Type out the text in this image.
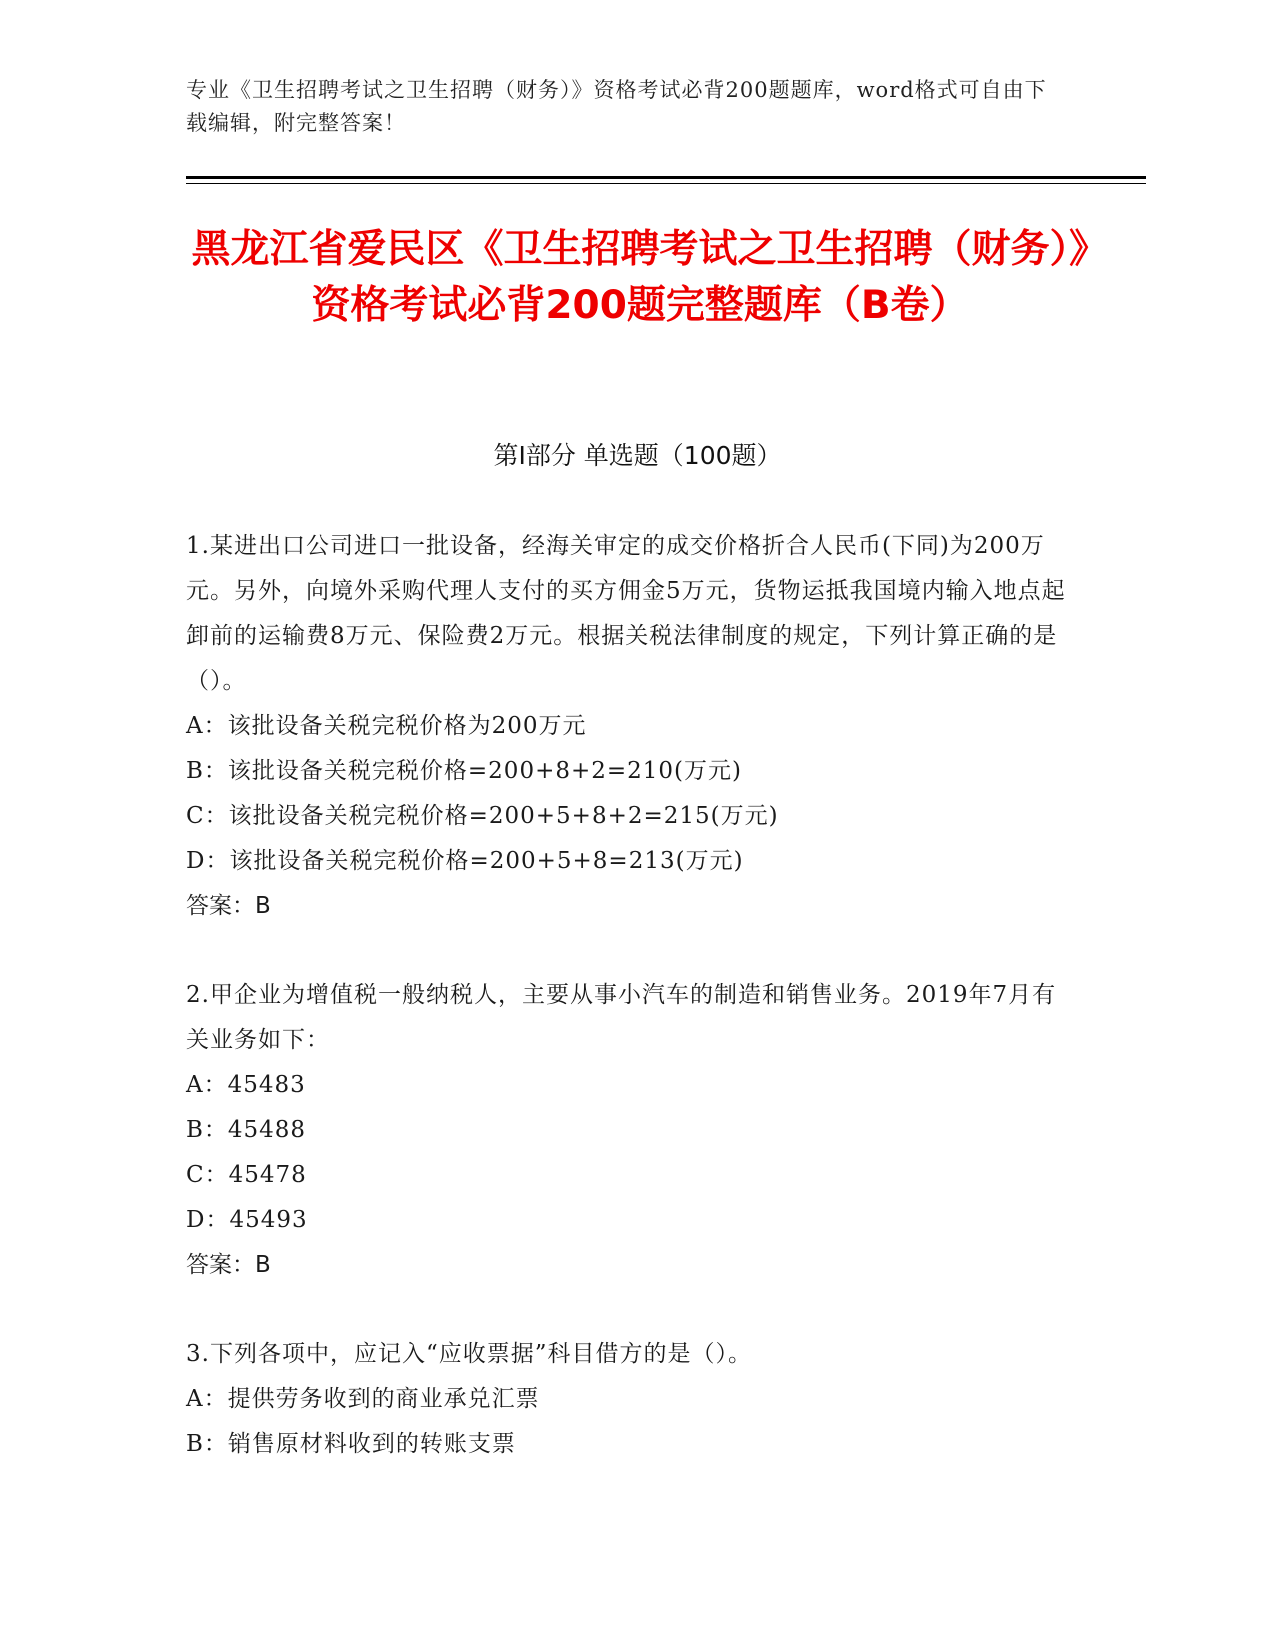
专业《卫生招聘考试之卫生招聘（财务）》资格考试必背200题题库，word格式可自由下载编辑，附完整答案！
黑龙江省爱民区《卫生招聘考试之卫生招聘（财务）》资格考试必背200题完整题库（B卷）
第Ⅰ部分 单选题（100题）

1.某进出口公司进口一批设备，经海关审定的成交价格折合人民币(下同)为200万元。另外，向境外采购代理人支付的买方佣金5万元，货物运抵我国境内输入地点起卸前的运输费8万元、保险费2万元。根据关税法律制度的规定，下列计算正确的是（）。

A：该批设备关税完税价格为200万元

B：该批设备关税完税价格=200+8+2=210(万元)

C：该批设备关税完税价格=200+5+8+2=215(万元)

D：该批设备关税完税价格=200+5+8=213(万元)

答案：B

2.甲企业为增值税一般纳税人，主要从事小汽车的制造和销售业务。2019年7月有关业务如下：

A：45483

B：45488

C：45478

D：45493

答案：B

3.下列各项中，应记入“应收票据”科目借方的是（）。

A：提供劳务收到的商业承兑汇票

B：销售原材料收到的转账支票
